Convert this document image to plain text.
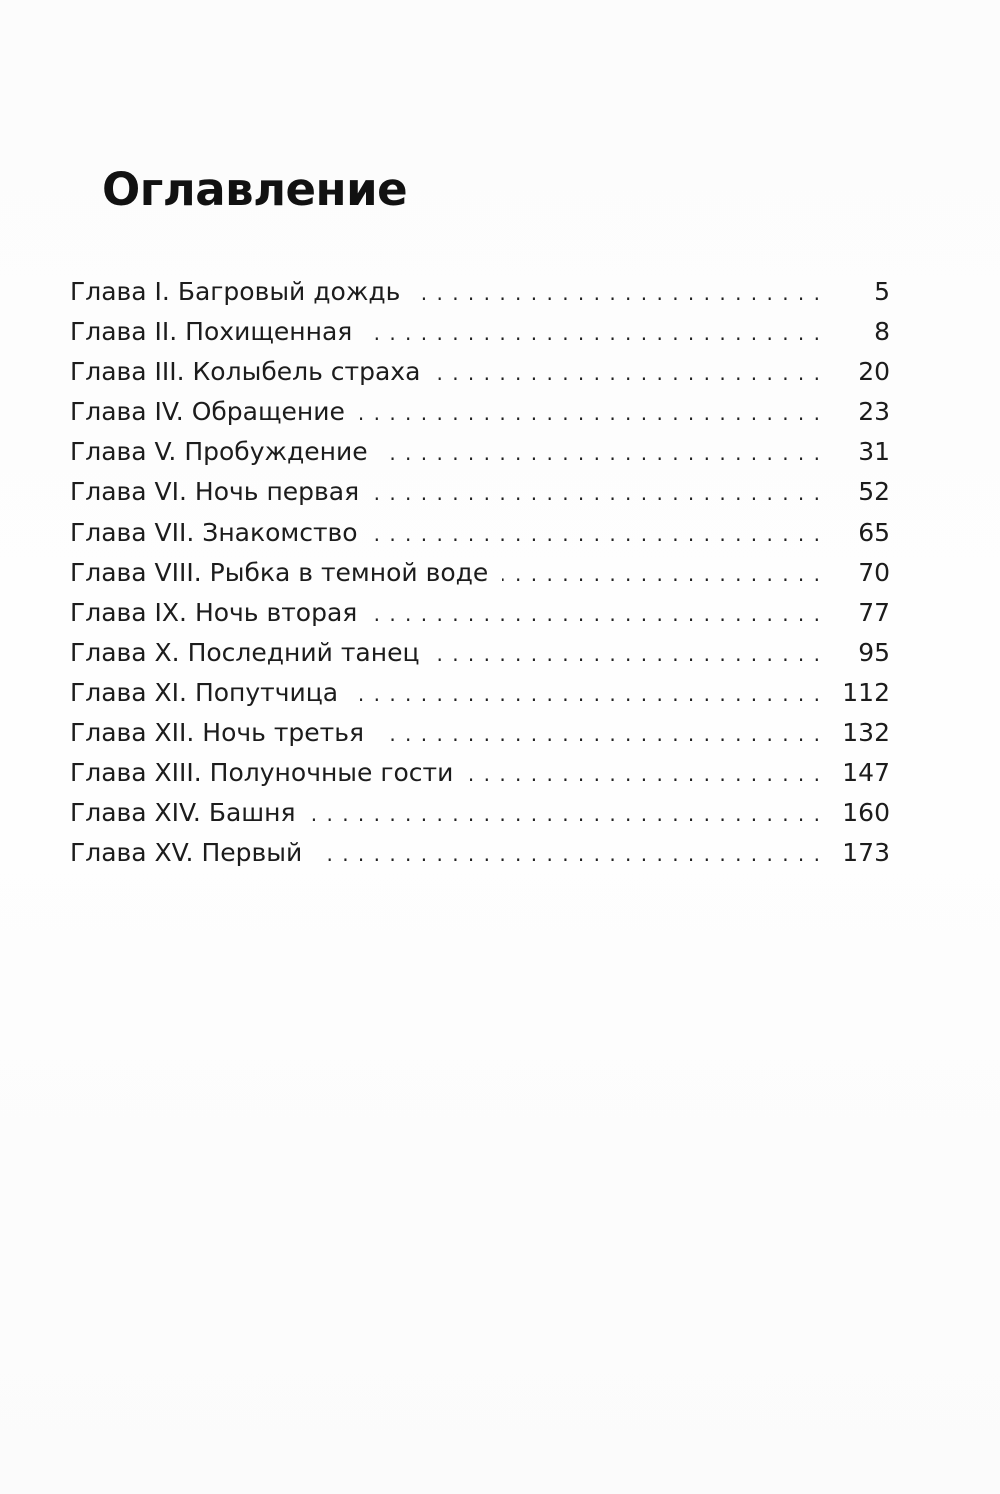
Оглавление
Глава I. Багровый дождь . . .	5
Глава II. Похищенная . . .	8
Глава III. Колыбель страха . . .	20
Глава IV. Обращение . . .	23
Глава V. Пробуждение . . .	31
Глава VI. Ночь первая . . .	52
Глава VII. Знакомство . . .	65
Глава VIII. Рыбка в темной воде . . .	70
Глава IX. Ночь вторая . . .	77
Глава X. Последний танец . . .	95
Глава XI. Попутчица . . .	112
Глава XII. Ночь третья . . .	132
Глава XIII. Полуночные гости . . .	147
Глава XIV. Башня . . .	160
Глава XV. Первый . . .	173
